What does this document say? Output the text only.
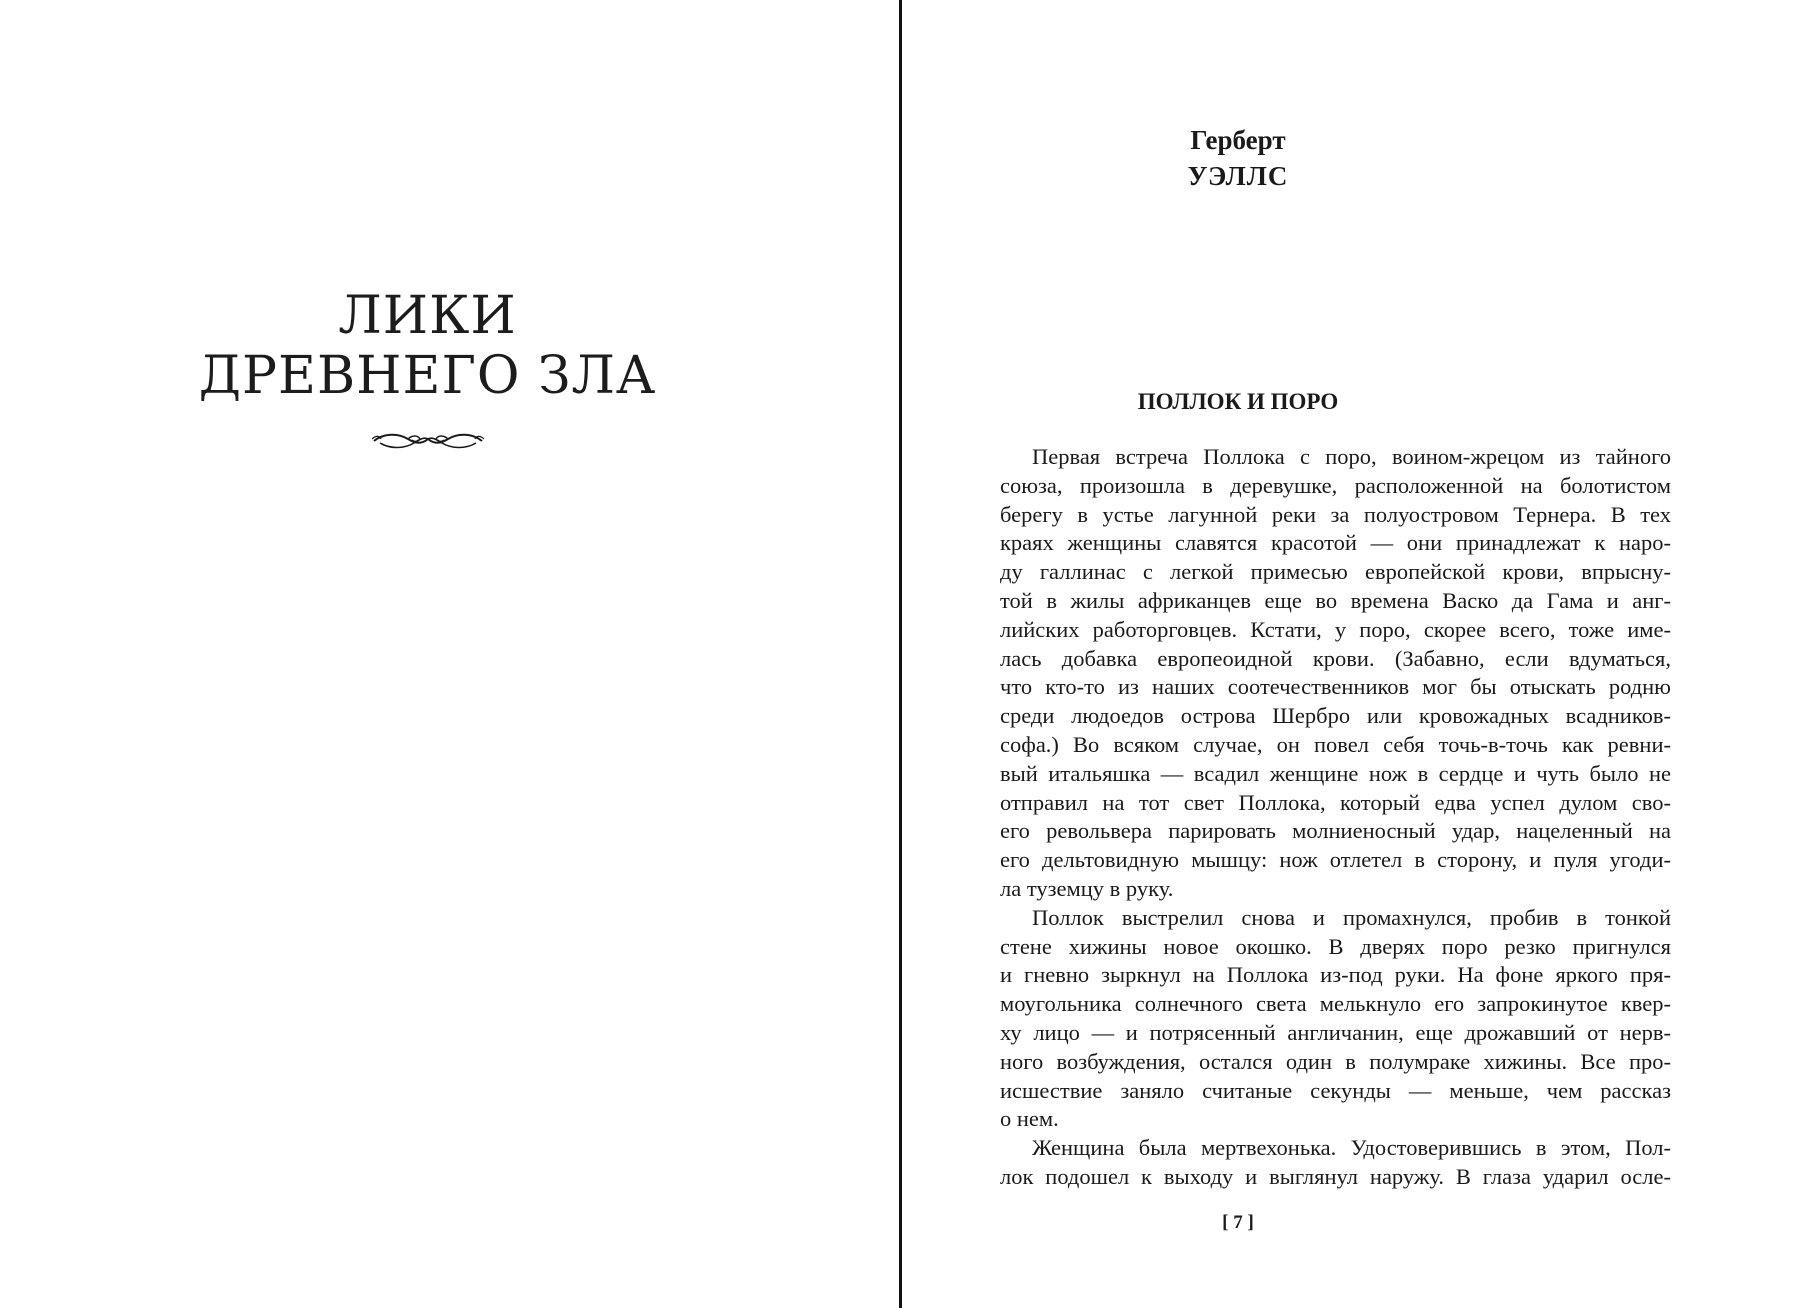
ЛИКИ
ДРЕВНЕГО ЗЛА
Герберт
УЭЛЛС
ПОЛЛОК И ПОРО
Первая встреча Поллока с поро, воином-жрецом из тайного
союза, произошла в деревушке, расположенной на болотистом
берегу в устье лагунной реки за полуостровом Тернера. В тех
краях женщины славятся красотой — они принадлежат к наро-
ду галлинас с легкой примесью европейской крови, впрысну-
той в жилы африканцев еще во времена Васко да Гама и анг-
лийских работорговцев. Кстати, у поро, скорее всего, тоже име-
лась добавка европеоидной крови. (Забавно, если вдуматься,
что кто-то из наших соотечественников мог бы отыскать родню
среди людоедов острова Шербро или кровожадных всадников-
софа.) Во всяком случае, он повел себя точь-в-точь как ревни-
вый итальяшка — всадил женщине нож в сердце и чуть было не
отправил на тот свет Поллока, который едва успел дулом сво-
его револьвера парировать молниеносный удар, нацеленный на
его дельтовидную мышцу: нож отлетел в сторону, и пуля угоди-
ла туземцу в руку.
Поллок выстрелил снова и промахнулся, пробив в тонкой
стене хижины новое окошко. В дверях поро резко пригнулся
и гневно зыркнул на Поллока из-под руки. На фоне яркого пря-
моугольника солнечного света мелькнуло его запрокинутое квер-
ху лицо — и потрясенный англичанин, еще дрожавший от нерв-
ного возбуждения, остался один в полумраке хижины. Все про-
исшествие заняло считаные секунды — меньше, чем рассказ
о нем.
Женщина была мертвехонька. Удостоверившись в этом, Пол-
лок подошел к выходу и выглянул наружу. В глаза ударил осле-
[ 7 ]
